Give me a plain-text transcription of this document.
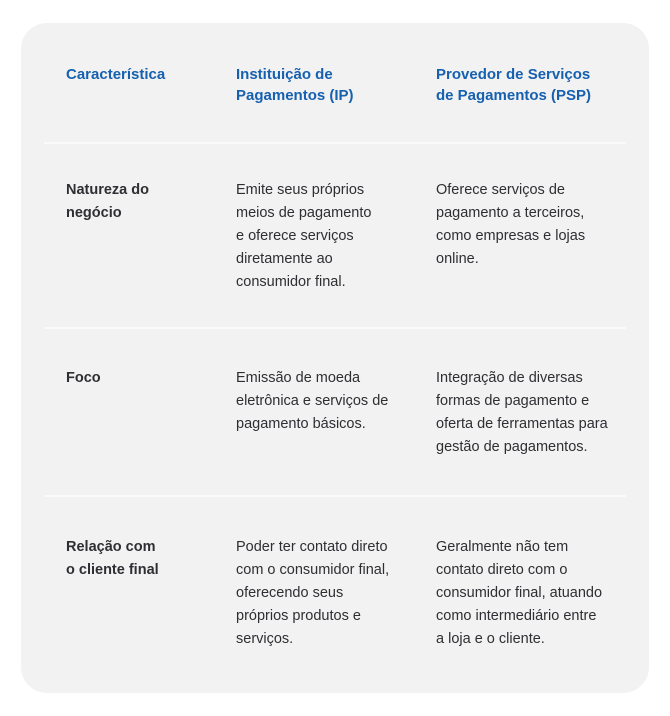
Característica	Instituição de
Pagamentos (IP)
Provedor de Serviços
de Pagamentos (PSP)
Natureza do
negócio
Emite seus próprios
meios de pagamento
e oferece serviços
diretamente ao
consumidor final.
Oferece serviços de
pagamento a terceiros,
como empresas e lojas
online.
Foco	Emissão de moeda
eletrônica e serviços de
pagamento básicos.
Integração de diversas
formas de pagamento e
oferta de ferramentas para
gestão de pagamentos.
Relação com
o cliente final
Poder ter contato direto
com o consumidor final,
oferecendo seus
próprios produtos e
serviços.
Geralmente não tem
contato direto com o
consumidor final, atuando
como intermediário entre
a loja e o cliente.
